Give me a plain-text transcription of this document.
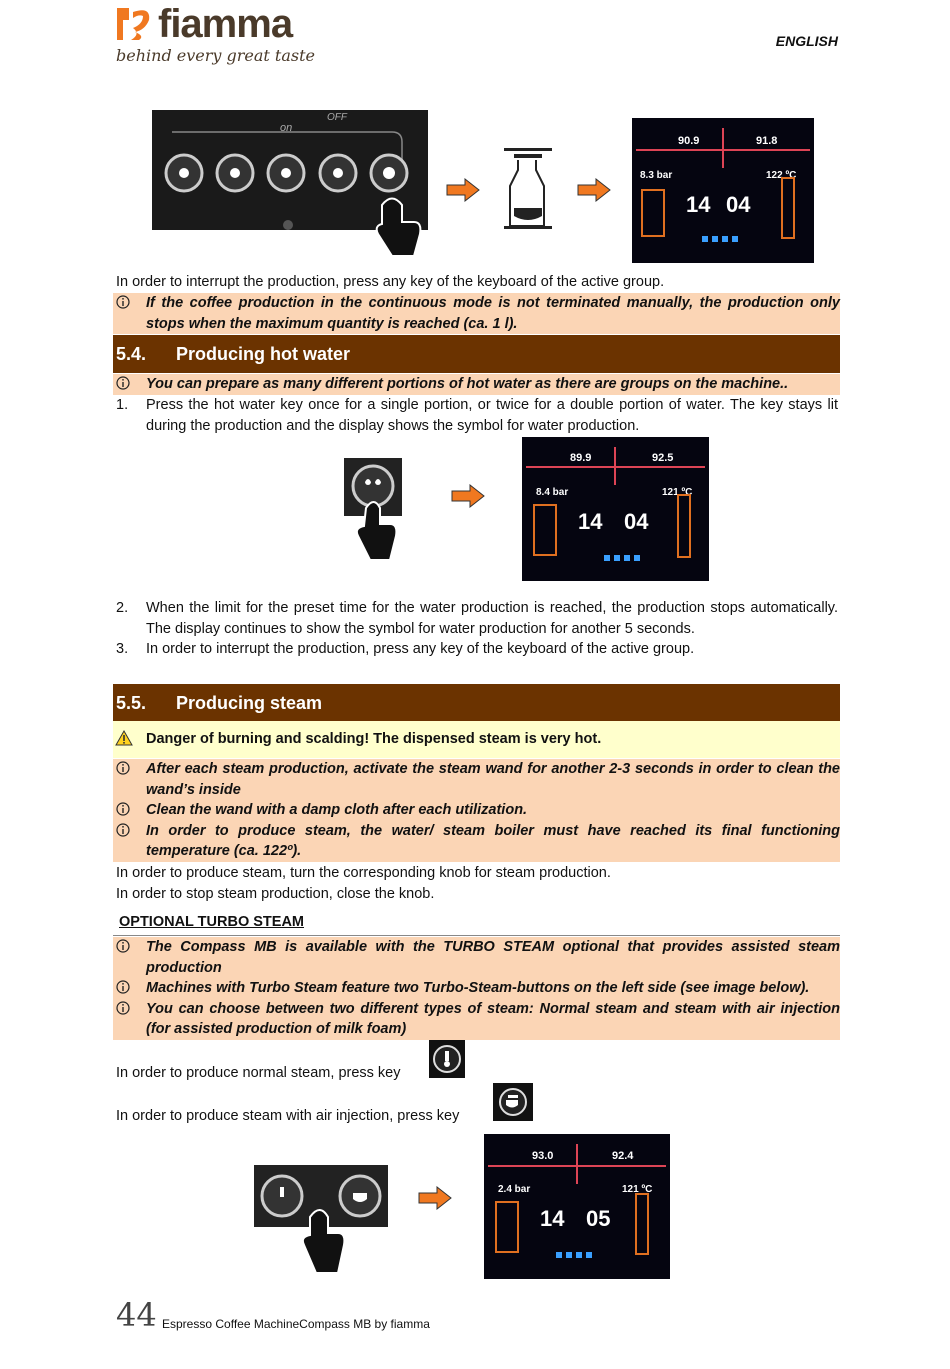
fiamma
behind every great taste
ENGLISH
on
OFF
90.9	91.8
8.3 bar	122 ºC
14 04
In order to interrupt the production, press any key of the keyboard of the active group.
If the coffee production in the continuous mode is not terminated manually, the production only stops when the maximum quantity is reached (ca. 1 l).
5.4. Producing hot water
You can prepare as many different portions of hot water as there are groups on the machine..
1. Press the hot water key once for a single portion, or twice for a double portion of water. The key stays lit during the production and the display shows the symbol for water production.
89.9	92.5
8.4 bar	121 ºC
14 04
2. When the limit for the preset time for the water production is reached, the production stops automatically. The display continues to show the symbol for water production for another 5 seconds.
3. In order to interrupt the production, press any key of the keyboard of the active group.
5.5. Producing steam
Danger of burning and scalding! The dispensed steam is very hot.
After each steam production, activate the steam wand for another 2-3 seconds in order to clean the wand’s inside
Clean the wand with a damp cloth after each utilization.
In order to produce steam, the water/ steam boiler must have reached its final functioning temperature (ca. 122º).
In order to produce steam, turn the corresponding knob for steam production.
In order to stop steam production, close the knob.
OPTIONAL TURBO STEAM
The Compass MB is available with the TURBO STEAM optional that provides assisted steam production
Machines with Turbo Steam feature two Turbo-Steam-buttons on the left side (see image below).
You can choose between two different types of steam: Normal steam and steam with air injection (for assisted production of milk foam)
In order to produce normal steam, press key
In order to produce steam with air injection, press key
93.0	92.4
2.4 bar	121 ºC
14 05
44 Espresso Coffee MachineCompass MB by fiamma
